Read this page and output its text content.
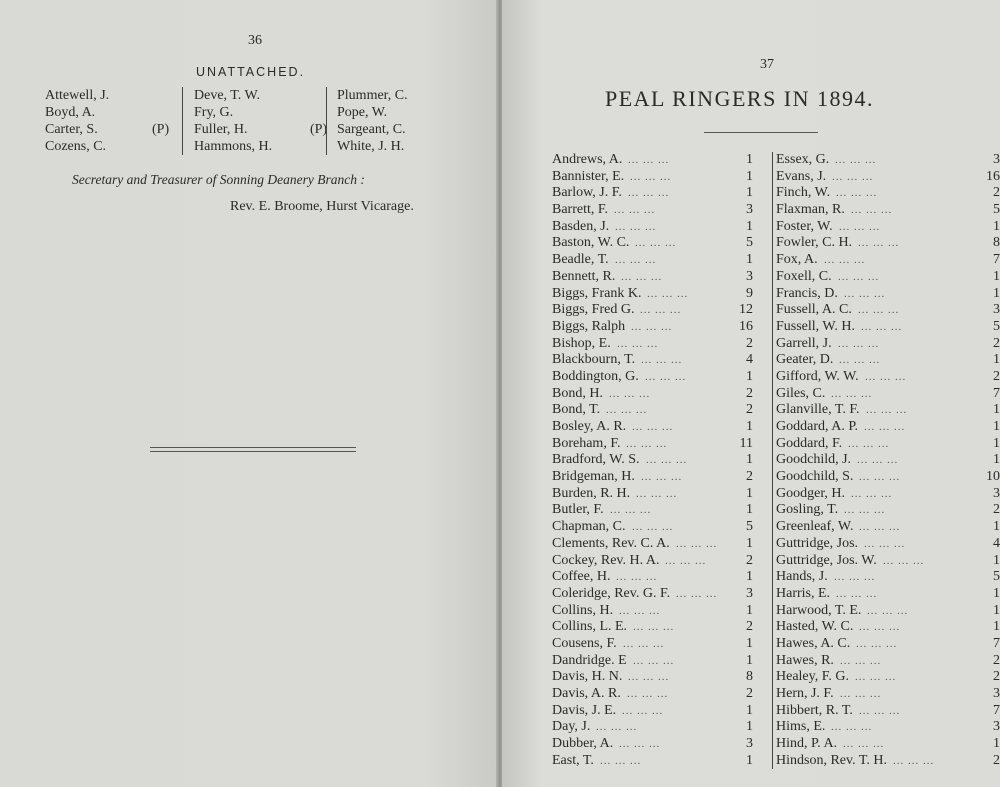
36
UNATTACHED.
Attewell, J.
Boyd, A.
Carter, S.	(P)
Cozens, C.
Deve, T. W.
Fry, G.
Fuller, H.	(P)
Hammons, H.
Plummer, C.
Pope, W.
Sargeant, C.
White, J. H.
Secretary and Treasurer of Sonning Deanery Branch :
Rev. E. Broome, Hurst Vicarage.
37
PEAL RINGERS IN 1894.
Andrews, A. ... ... ...	1
Bannister, E. ... ... ...	1
Barlow, J. F. ... ... ...	1
Barrett, F. ... ... ...	3
Basden, J. ... ... ...	1
Baston, W. C. ... ... ...	5
Beadle, T. ... ... ...	1
Bennett, R. ... ... ...	3
Biggs, Frank K. ... ... ...	9
Biggs, Fred G. ... ... ...	12
Biggs, Ralph ... ... ...	16
Bishop, E. ... ... ...	2
Blackbourn, T. ... ... ...	4
Boddington, G. ... ... ...	1
Bond, H. ... ... ...	2
Bond, T. ... ... ...	2
Bosley, A. R. ... ... ...	1
Boreham, F. ... ... ...	11
Bradford, W. S. ... ... ...	1
Bridgeman, H. ... ... ...	2
Burden, R. H. ... ... ...	1
Butler, F. ... ... ...	1
Chapman, C. ... ... ...	5
Clements, Rev. C. A. ... ... ...	1
Cockey, Rev. H. A. ... ... ...	2
Coffee, H. ... ... ...	1
Coleridge, Rev. G. F. ... ... ...	3
Collins, H. ... ... ...	1
Collins, L. E. ... ... ...	2
Cousens, F. ... ... ...	1
Dandridge. E ... ... ...	1
Davis, H. N. ... ... ...	8
Davis, A. R. ... ... ...	2
Davis, J. E. ... ... ...	1
Day, J. ... ... ...	1
Dubber, A. ... ... ...	3
East, T. ... ... ...	1
Essex, G. ... ... ...	3
Evans, J. ... ... ...	16
Finch, W. ... ... ...	2
Flaxman, R. ... ... ...	5
Foster, W. ... ... ...	1
Fowler, C. H. ... ... ...	8
Fox, A. ... ... ...	7
Foxell, C. ... ... ...	1
Francis, D. ... ... ...	1
Fussell, A. C. ... ... ...	3
Fussell, W. H. ... ... ...	5
Garrell, J. ... ... ...	2
Geater, D. ... ... ...	1
Gifford, W. W. ... ... ...	2
Giles, C. ... ... ...	7
Glanville, T. F. ... ... ...	1
Goddard, A. P. ... ... ...	1
Goddard, F. ... ... ...	1
Goodchild, J. ... ... ...	1
Goodchild, S. ... ... ...	10
Goodger, H. ... ... ...	3
Gosling, T. ... ... ...	2
Greenleaf, W. ... ... ...	1
Guttridge, Jos. ... ... ...	4
Guttridge, Jos. W. ... ... ...	1
Hands, J. ... ... ...	5
Harris, E. ... ... ...	1
Harwood, T. E. ... ... ...	1
Hasted, W. C. ... ... ...	1
Hawes, A. C. ... ... ...	7
Hawes, R. ... ... ...	2
Healey, F. G. ... ... ...	2
Hern, J. F. ... ... ...	3
Hibbert, R. T. ... ... ...	7
Hims, E. ... ... ...	3
Hind, P. A. ... ... ...	1
Hindson, Rev. T. H. ... ... ...	2
